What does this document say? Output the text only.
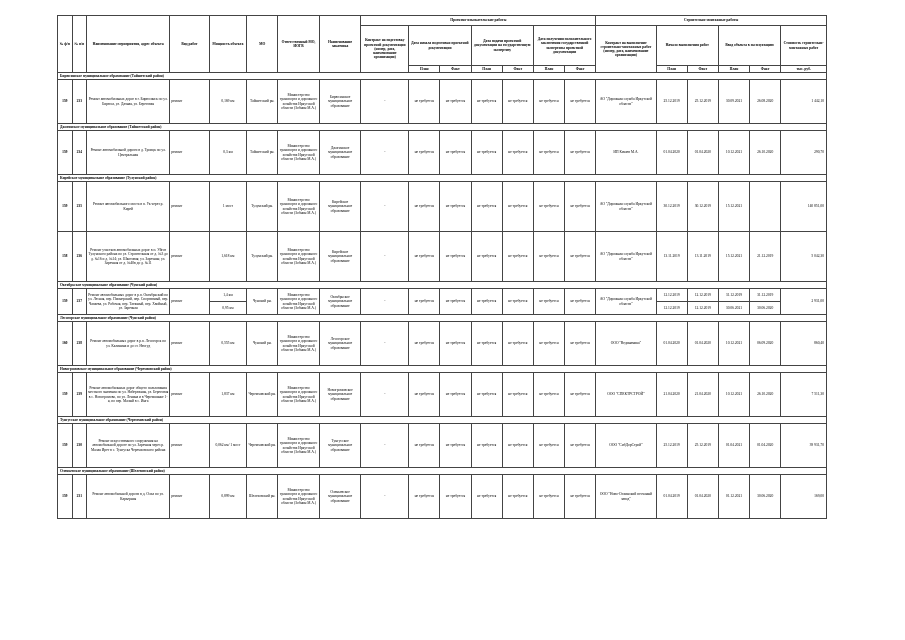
№ ф/п	№ п/п	Наименование мероприятия, адрес объекта	Вид работ	Мощность объекта	МО	Ответственный МО, ИОГВ	Наименование заказчика	Проектно-изыскательские работы							Строительно-монтажные работы					
								Контракт на подготовку проектной документации (номер, дата, наименование организации)	Дата начала подготовки проектной документации		Дата подачи проектной документации на государственную экспертизу		Дата получения положительного заключения государственной экспертизы проектной документации		Контракт на выполнение строительно-монтажных работ (номер, дата, наименование организации)	Начало выполнения работ		Ввод объекта в эксплуатацию		Стоимость строительно-монтажных работ
									План	Факт	План	Факт	План	Факт		План	Факт	План	Факт	тыс. руб.
Бирюсинское муниципальное образование (Тайшетский район)																				
159	233	Ремонт автомобильных дорог в г. Бирюсинск по ул. Бирюса, ул. Дачная, ул. Береговая	ремонт	0,169 км	Тайшетский рн.	Министерство транспорта и дорожного хозяйства Иркутской области (Зобнин М.А.)	Бирюсинское муниципальное образование	-	не требуется	не требуется	не требуется	не требуется	не требуется	не требуется	АО "Дорожная служба Иркутской области"	25.12.2019	25.12.2019	30.09.2021	26.08.2020	1 442,10
Джогинское муниципальное образование (Тайшетский район)																				
159	234	Ремонт автомобильной дороги в д. Троицк по ул. Центральная	ремонт	0,3 км	Тайшетский рн.	Министерство транспорта и дорожного хозяйства Иркутской области (Зобнин М.А.)	Джогинское муниципальное образование	-	не требуется	не требуется	не требуется	не требуется	не требуется	не требуется	ИП Качаев М.А.	01.04.2020	01.04.2020	10.12.2021	26.10.2020	290,70
Кирейское муниципальное образование (Тулунский район)																				
159	235	Ремонт автомобильного моста в п. Ук через р. Кирей	ремонт	1 мост	Тулунский рн.	Министерство транспорта и дорожного хозяйства Иркутской области (Зобнин М.А.)	Кирейское муниципальное образование	-	не требуется	не требуется	не требуется	не требуется	не требуется	не требуется	АО "Дорожная служба Иркутской области"	30.12.2019	30.12.2019	15.12.2021		140 851,00
158	236	Ремонт участков автомобильных дорог в п. Уйгат Тулунского района по ул. Строительная от д. №3 до д. №16 и д. №14; ул. Шкотовая; ул. Заречная; ул. Заречная от д. №40в до д. №11	ремонт	1,618 км	Тулунский рн.	Министерство транспорта и дорожного хозяйства Иркутской области (Зобнин М.А.)	Кирейское муниципальное образование	-	не требуется	не требуется	не требуется	не требуется	не требуется	не требуется	АО "Дорожная служба Иркутской области"	13.11.2019	13.11.2019	15.12.2021	21.12.2019	5 042,30
Октябрьское муниципальное образование (Чунский район)																				
159	237	Ремонт автомобильных дорог в р.п. Октябрьский по ул. Лесная, пер. Пионерский, пер. Спортивный, пер. Чапаева, ул. Рабочая, пер. Таежный, пер. Хвойный, ул. Заречная	ремонт	1,4 км	Чунский рн.	Министерство транспорта и дорожного хозяйства Иркутской области (Зобнин М.А.)	Октябрьское муниципальное образование	-	не требуется	не требуется	не требуется	не требуется	не требуется	не требуется	АО "Дорожная служба Иркутской области"	12.12.2019	12.12.2019	31.12.2019	31.12.2019	2 931,00
				0,95 км												12.12.2019	12.12.2019	30.06.2021	30.06.2020	
Лесогорское муниципальное образование (Чунский район)																				
160	238	Ремонт автомобильных дорог в р.п. Лесогорск по ул. Калинина и до ст. Неогуд	ремонт	0,555 км	Чунский рн.	Министерство транспорта и дорожного хозяйства Иркутской области (Зобнин М.А.)	Лесогорское муниципальное образование	-	не требуется	не требуется	не требуется	не требуется	не требуется	не требуется	ООО "Вединамика"	01.04.2020	01.04.2020	10.12.2021	06.09.2020	860,40
Новогромовское муниципальное образование (Черемховский район)																				
159	239	Ремонт автомобильных дорог общего пользования местного значения по ул. Набережная, ул. Береговая в с. Новогромово, по ул. Ленина и в Черемшанке 1-я, по пер. Малый в с. Инга	ремонт	1,837 км	Черемховский рн.	Министерство транспорта и дорожного хозяйства Иркутской области (Зобнин М.А.)	Новогромовское муниципальное образование	-	не требуется	не требуется	не требуется	не требуется	не требуется	не требуется	ООО "СПЕКТРСТРОЙ"	21.04.2020	21.04.2020	10.12.2021	26.10.2020	7 511,30
Тунгусское муниципальное образование (Черемховский район)																				
159	230	Ремонт искусственного сооружения на автомобильной дороге по ул. Заречная через р. Малая Ирет в с. Тунгуска Черемховского района	ремонт	0,062 км/ 1 мост	Черемховский рн.	Министерство транспорта и дорожного хозяйства Иркутской области (Зобнин М.А.)	Тунгусское муниципальное образование	-	не требуется	не требуется	не требуется	не требуется	не требуется	не требуется	ООО "СибДорСтрой"	25.12.2019	25.12.2019	01.04.2021	01.04.2020	39 931,70
Оленьевское муниципальное образование (Шелеховский район)																				
159	231	Ремонт автомобильной дороги в д. Олха по ул. Карьерная	ремонт	0,899 км	Шелеховский рн.	Министерство транспорта и дорожного хозяйства Иркутской области (Зобнин М.А.)	Оленьевское муниципальное образование	-	не требуется	не требуется	не требуется	не требуется	не требуется	не требуется	ООО "Ново-Олхинский песчаный завод"	01.04.2019	01.04.2020	01.12.2021	30.06.2020	169,00
